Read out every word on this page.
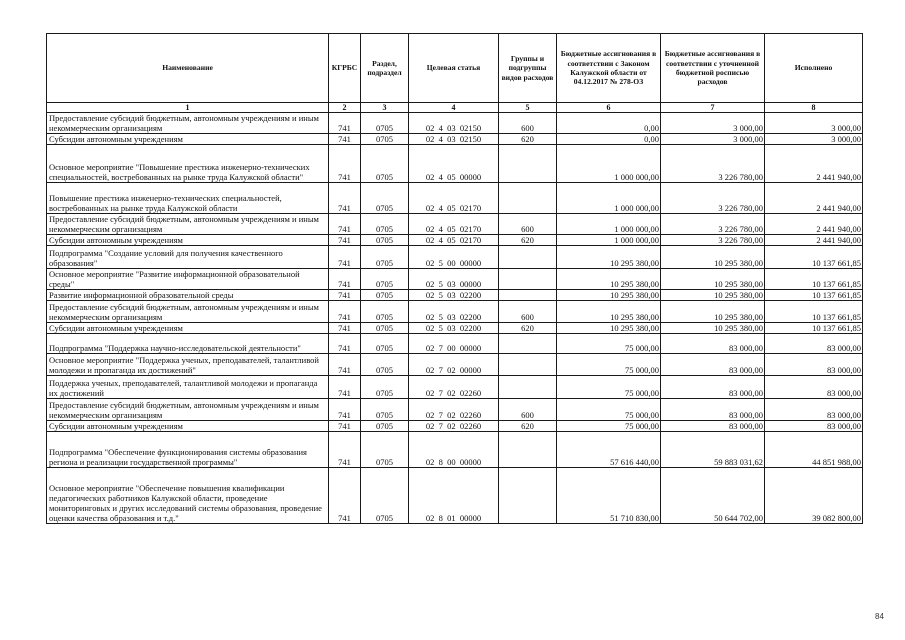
Наименование	КГРБС	Раздел, подраздел	Целевая статья	Группы и подгруппы видов расходов	Бюджетные ассигнования в соответствии с Законом Калужской области от 04.12.2017 № 278-ОЗ	Бюджетные ассигнования в соответствии с уточненной бюджетной росписью расходов	Исполнено
1	2	3	4	5	6	7	8
Предоставление субсидий бюджетным, автономным учреждениям и иным некоммерческим организациям	741	0705	02  4  03  02150	600	0,00	3 000,00	3 000,00
Субсидии автономным учреждениям	741	0705	02  4  03  02150	620	0,00	3 000,00	3 000,00
Основное мероприятие "Повышение престижа инженерно-технических специальностей, востребованных на рынке труда Калужской области"	741	0705	02  4  05  00000		1 000 000,00	3 226 780,00	2 441 940,00
Повышение престижа инженерно-технических специальностей, востребованных на рынке труда Калужской области	741	0705	02  4  05  02170		1 000 000,00	3 226 780,00	2 441 940,00
Предоставление субсидий бюджетным, автономным учреждениям и иным некоммерческим организациям	741	0705	02  4  05  02170	600	1 000 000,00	3 226 780,00	2 441 940,00
Субсидии автономным учреждениям	741	0705	02  4  05  02170	620	1 000 000,00	3 226 780,00	2 441 940,00
Подпрограмма "Создание условий для получения качественного образования"	741	0705	02  5  00  00000		10 295 380,00	10 295 380,00	10 137 661,85
Основное мероприятие "Развитие информационной образовательной среды"	741	0705	02  5  03  00000		10 295 380,00	10 295 380,00	10 137 661,85
Развитие информационной образовательной среды	741	0705	02  5  03  02200		10 295 380,00	10 295 380,00	10 137 661,85
Предоставление субсидий бюджетным, автономным учреждениям и иным некоммерческим организациям	741	0705	02  5  03  02200	600	10 295 380,00	10 295 380,00	10 137 661,85
Субсидии автономным учреждениям	741	0705	02  5  03  02200	620	10 295 380,00	10 295 380,00	10 137 661,85
Подпрограмма "Поддержка научно-исследовательской деятельности"	741	0705	02  7  00  00000		75 000,00	83 000,00	83 000,00
Основное мероприятие "Поддержка ученых, преподавателей, талантливой молодежи и пропаганда их достижений"	741	0705	02  7  02  00000		75 000,00	83 000,00	83 000,00
Поддержка ученых, преподавателей, талантливой молодежи и пропаганда их достижений	741	0705	02  7  02  02260		75 000,00	83 000,00	83 000,00
Предоставление субсидий бюджетным, автономным учреждениям и иным некоммерческим организациям	741	0705	02  7  02  02260	600	75 000,00	83 000,00	83 000,00
Субсидии автономным учреждениям	741	0705	02  7  02  02260	620	75 000,00	83 000,00	83 000,00
Подпрограмма "Обеспечение функционирования системы образования региона и реализации государственной программы"	741	0705	02  8  00  00000		57 616 440,00	59 883 031,62	44 851 988,00
Основное мероприятие "Обеспечение повышения квалификации педагогических работников Калужской области, проведение мониторинговых и других исследований системы образования, проведение оценки качества образования и т.д."	741	0705	02  8  01  00000		51 710 830,00	50 644 702,00	39 082 800,00
84
